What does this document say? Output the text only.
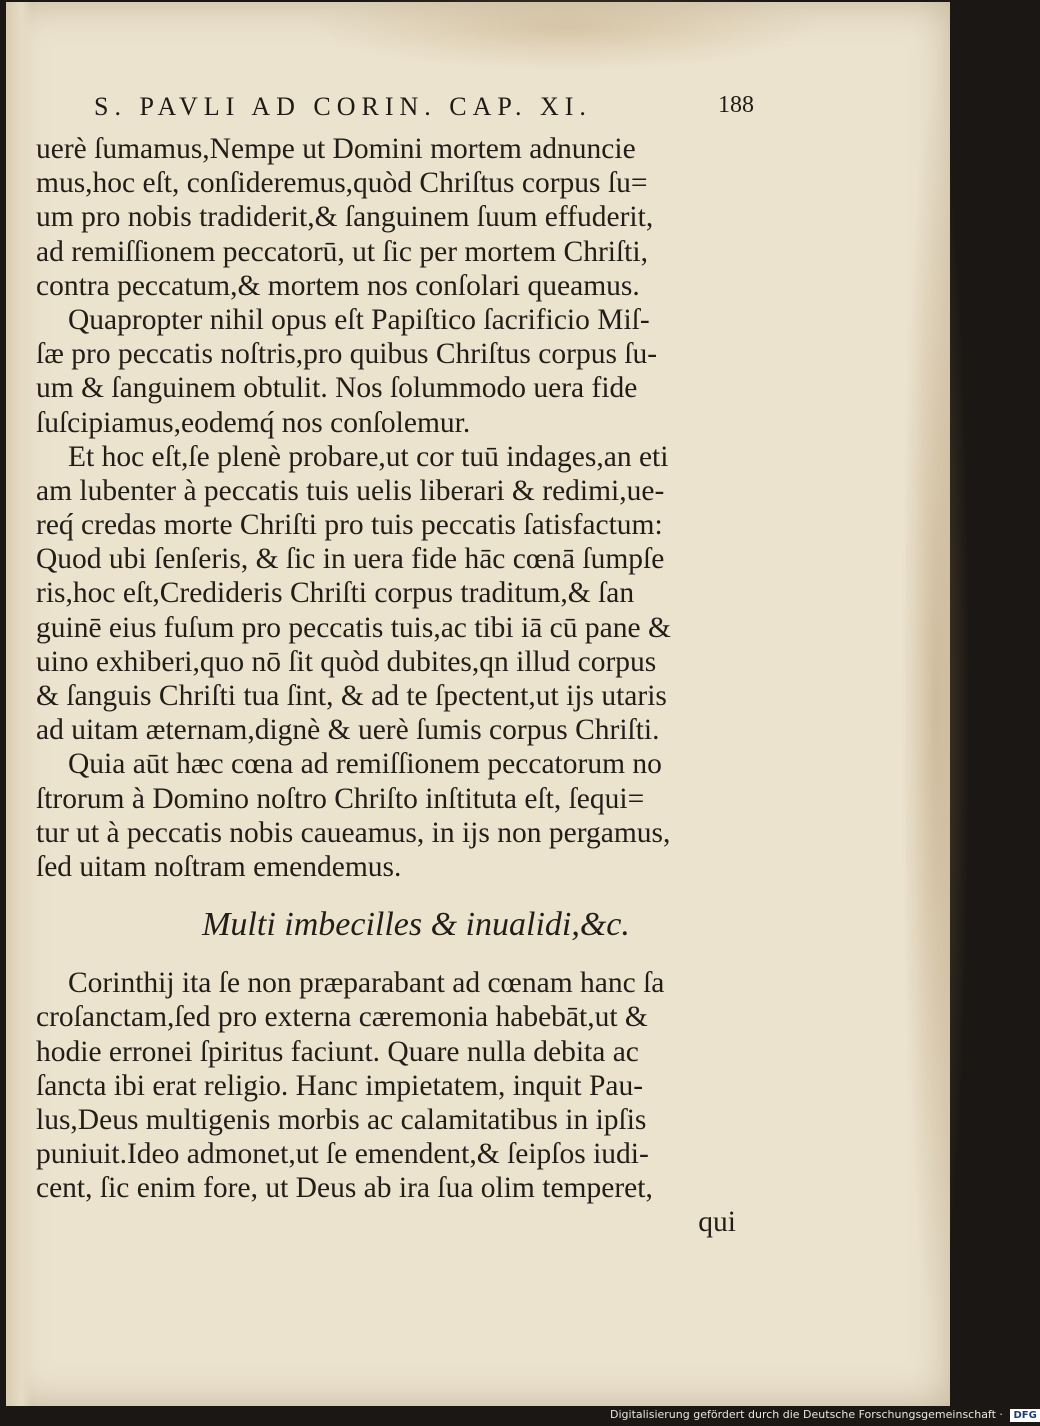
S. PAVLI AD CORIN. CAP. XI.	188
uerè ſumamus,Nempe ut Domini mortem adnuncie
mus,hoc eſt, conſideremus,quòd Chriſtus corpus ſu=
um pro nobis tradiderit,& ſanguinem ſuum effuderit,
ad remiſſionem peccatorū, ut ſic per mortem Chriſti,
contra peccatum,& mortem nos conſolari queamus.
Quapropter nihil opus eſt Papiſtico ſacrificio Miſ-
ſæ pro peccatis noſtris,pro quibus Chriſtus corpus ſu-
um & ſanguinem obtulit. Nos ſolummodo uera fide
ſuſcipiamus,eodemq́ nos conſolemur.
Et hoc eſt,ſe plenè probare,ut cor tuū indages,an eti
am lubenter à peccatis tuis uelis liberari & redimi,ue-
req́ credas morte Chriſti pro tuis peccatis ſatisfactum:
Quod ubi ſenſeris, & ſic in uera fide hāc cœnā ſumpſe
ris,hoc eſt,Credideris Chriſti corpus traditum,& ſan
guinē eius fuſum pro peccatis tuis,ac tibi iā cū pane &
uino exhiberi,quo nō ſit quòd dubites,qn illud corpus
& ſanguis Chriſti tua ſint, & ad te ſpectent,ut ijs utaris
ad uitam æternam,dignè & uerè ſumis corpus Chriſti.
Quia aūt hæc cœna ad remiſſionem peccatorum no
ſtrorum à Domino noſtro Chriſto inſtituta eſt, ſequi=
tur ut à peccatis nobis caueamus, in ijs non pergamus,
ſed uitam noſtram emendemus.
Multi imbecilles & inualidi,&c.
Corinthij ita ſe non præparabant ad cœnam hanc ſa
croſanctam,ſed pro externa cæremonia habebāt,ut &
hodie erronei ſpiritus faciunt. Quare nulla debita ac
ſancta ibi erat religio. Hanc impietatem, inquit Pau-
lus,Deus multigenis morbis ac calamitatibus in ipſis
puniuit.Ideo admonet,ut ſe emendent,& ſeipſos iudi-
cent, ſic enim fore, ut Deus ab ira ſua olim temperet,
qui
Digitalisierung gefördert durch die Deutsche Forschungsgemeinschaft · DFG
